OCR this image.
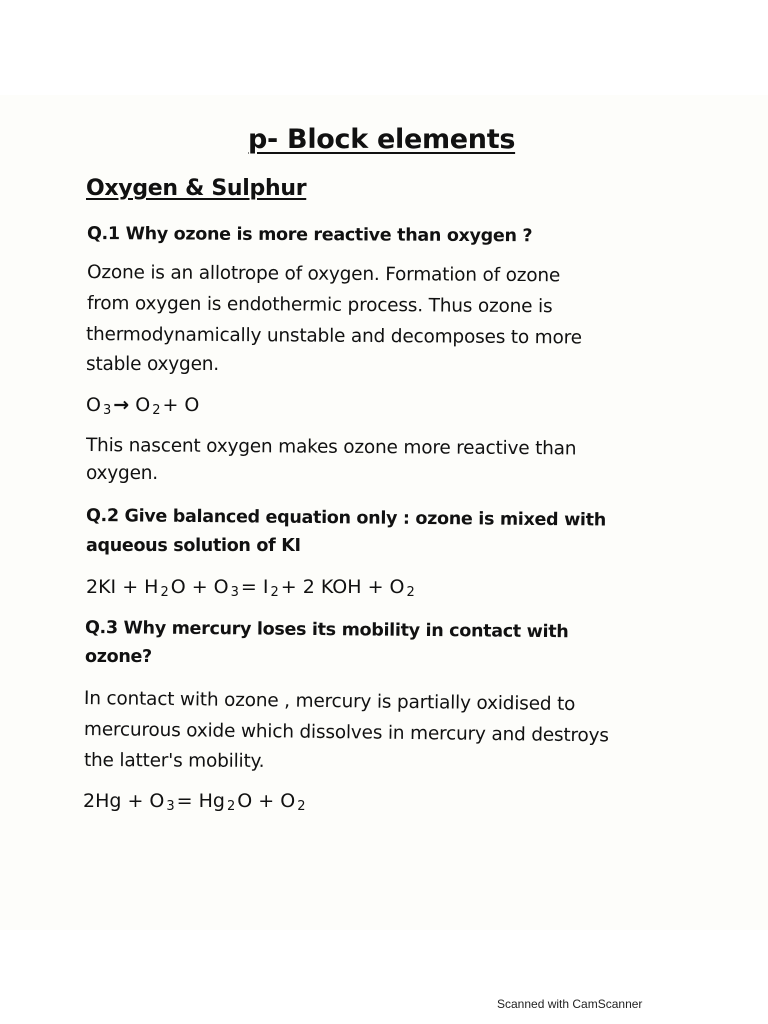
p- Block elements
Oxygen & Sulphur

Q.1 Why ozone is more reactive than oxygen ?

Ozone is an allotrope of oxygen. Formation of ozone

from oxygen is endothermic process. Thus ozone is

thermodynamically unstable and decomposes to more

stable oxygen.

O $_3$ → O $_2$ + O

This nascent oxygen makes ozone more reactive than

oxygen.

Q.2 Give balanced equation only : ozone is mixed with

aqueous solution of KI

2KI + H $_2$ O + O $_3$ = I $_2$ + 2 KOH + O $_2$

Q.3 Why mercury loses its mobility in contact with

ozone?

In contact with ozone , mercury is partially oxidised to

mercurous oxide which dissolves in mercury and destroys

the latter's mobility.

2Hg + O $_3$ = Hg $_2$ O + O $_2$

Scanned with CamScanner
